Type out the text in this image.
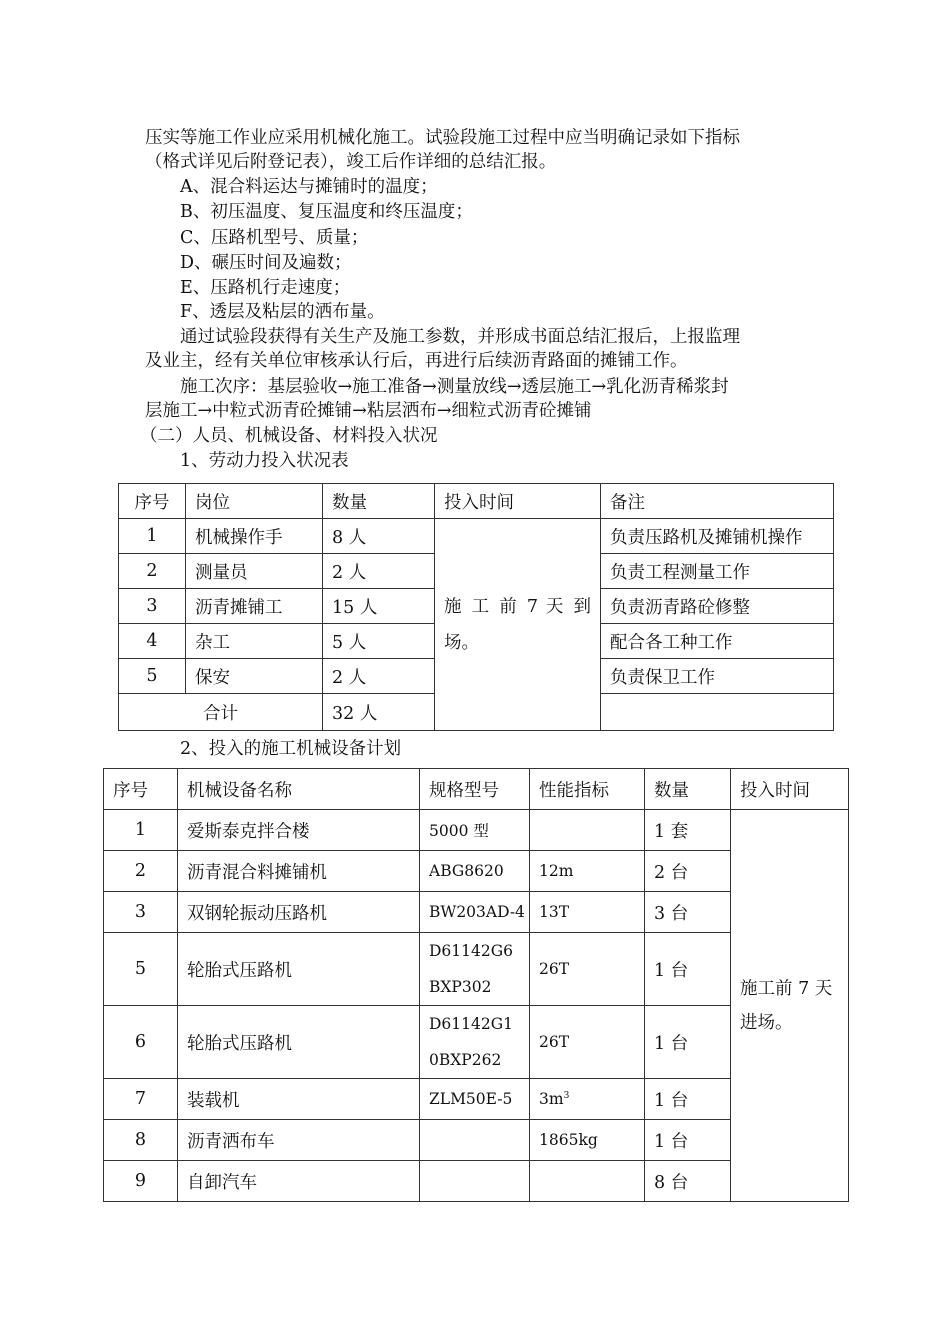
压实等施工作业应采用机械化施工。试验段施工过程中应当明确记录如下指标
（格式详见后附登记表），竣工后作详细的总结汇报。
A、混合料运达与摊铺时的温度；
B、初压温度、复压温度和终压温度；
C、压路机型号、质量；
D、碾压时间及遍数；
E、压路机行走速度；
F、透层及粘层的洒布量。
通过试验段获得有关生产及施工参数，并形成书面总结汇报后，上报监理
及业主，经有关单位审核承认行后，再进行后续沥青路面的摊铺工作。
施工次序：基层验收→施工准备→测量放线→透层施工→乳化沥青稀浆封
层施工→中粒式沥青砼摊铺→粘层洒布→细粒式沥青砼摊铺
（二）人员、机械设备、材料投入状况
1、劳动力投入状况表
序号	岗位	数量	投入时间	备注
1	机械操作手	8 人	施 工 前 7 天 到 场。	负责压路机及摊铺机操作
2	测量员	2 人		负责工程测量工作
3	沥青摊铺工	15 人		负责沥青路砼修整
4	杂工	5 人		配合各工种工作
5	保安	2 人		负责保卫工作
合计		32 人		
2、投入的施工机械设备计划
序号	机械设备名称	规格型号	性能指标	数量	投入时间
1	爱斯泰克拌合楼	5000 型		1 套	施工前 7 天进场。
2	沥青混合料摊铺机	ABG8620	12m	2 台	
3	双钢轮振动压路机	BW203AD-4	13T	3 台	
5	轮胎式压路机	D61142G6BXP302	26T	1 台	
6	轮胎式压路机	D61142G10BXP262	26T	1 台	
7	装载机	ZLM50E-5	$3m^3$	1 台	
8	沥青洒布车		1865kg	1 台	
9	自卸汽车			8 台	
